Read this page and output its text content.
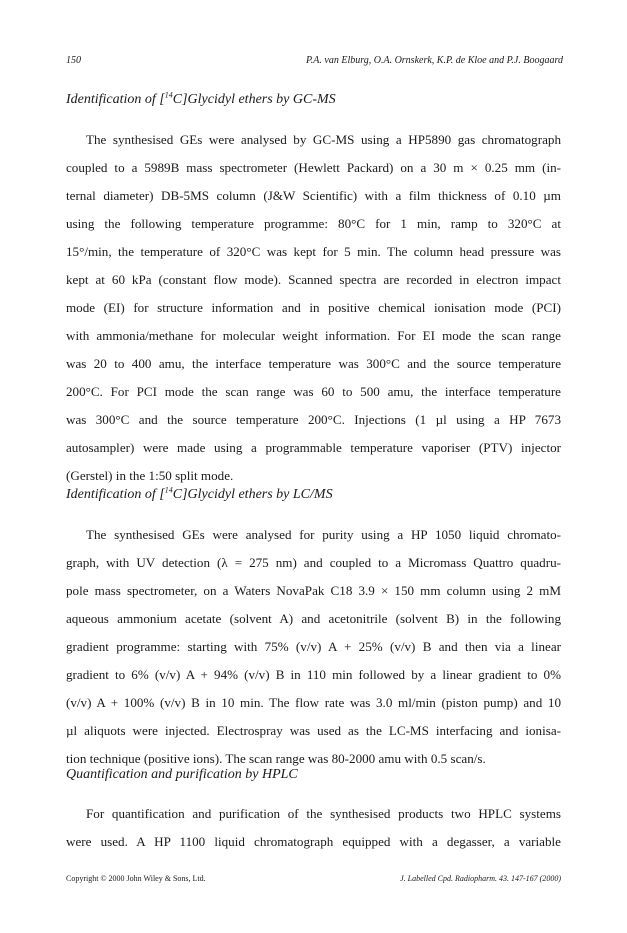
150	P.A. van Elburg, O.A. Ornskerk, K.P. de Kloe and P.J. Boogaard
Identification of [$^{14}$C]Glycidyl ethers by GC-MS
The synthesised GEs were analysed by GC-MS using a HP5890 gas chromatograph
coupled to a 5989B mass spectrometer (Hewlett Packard) on a 30 m × 0.25 mm (in-
ternal diameter) DB-5MS column (J&W Scientific) with a film thickness of 0.10 µm
using the following temperature programme: 80°C for 1 min, ramp to 320°C at
15°/min, the temperature of 320°C was kept for 5 min. The column head pressure was
kept at 60 kPa (constant flow mode). Scanned spectra are recorded in electron impact
mode (EI) for structure information and in positive chemical ionisation mode (PCI)
with ammonia/methane for molecular weight information. For EI mode the scan range
was 20 to 400 amu, the interface temperature was 300°C and the source temperature
200°C. For PCI mode the scan range was 60 to 500 amu, the interface temperature
was 300°C and the source temperature 200°C. Injections (1 µl using a HP 7673
autosampler) were made using a programmable temperature vaporiser (PTV) injector
(Gerstel) in the 1:50 split mode.
Identification of [$^{14}$C]Glycidyl ethers by LC/MS
The synthesised GEs were analysed for purity using a HP 1050 liquid chromato-
graph, with UV detection (λ = 275 nm) and coupled to a Micromass Quattro quadru-
pole mass spectrometer, on a Waters NovaPak C18 3.9 × 150 mm column using 2 mM
aqueous ammonium acetate (solvent A) and acetonitrile (solvent B) in the following
gradient programme: starting with 75% (v/v) A + 25% (v/v) B and then via a linear
gradient to 6% (v/v) A + 94% (v/v) B in 110 min followed by a linear gradient to 0%
(v/v) A + 100% (v/v) B in 10 min. The flow rate was 3.0 ml/min (piston pump) and 10
µl aliquots were injected. Electrospray was used as the LC-MS interfacing and ionisa-
tion technique (positive ions). The scan range was 80-2000 amu with 0.5 scan/s.
Quantification and purification by HPLC
For quantification and purification of the synthesised products two HPLC systems
were used. A HP 1100 liquid chromatograph equipped with a degasser, a variable
Copyright © 2000 John Wiley & Sons, Ltd.	J. Labelled Cpd. Radiopharm. 43. 147-167 (2000)
